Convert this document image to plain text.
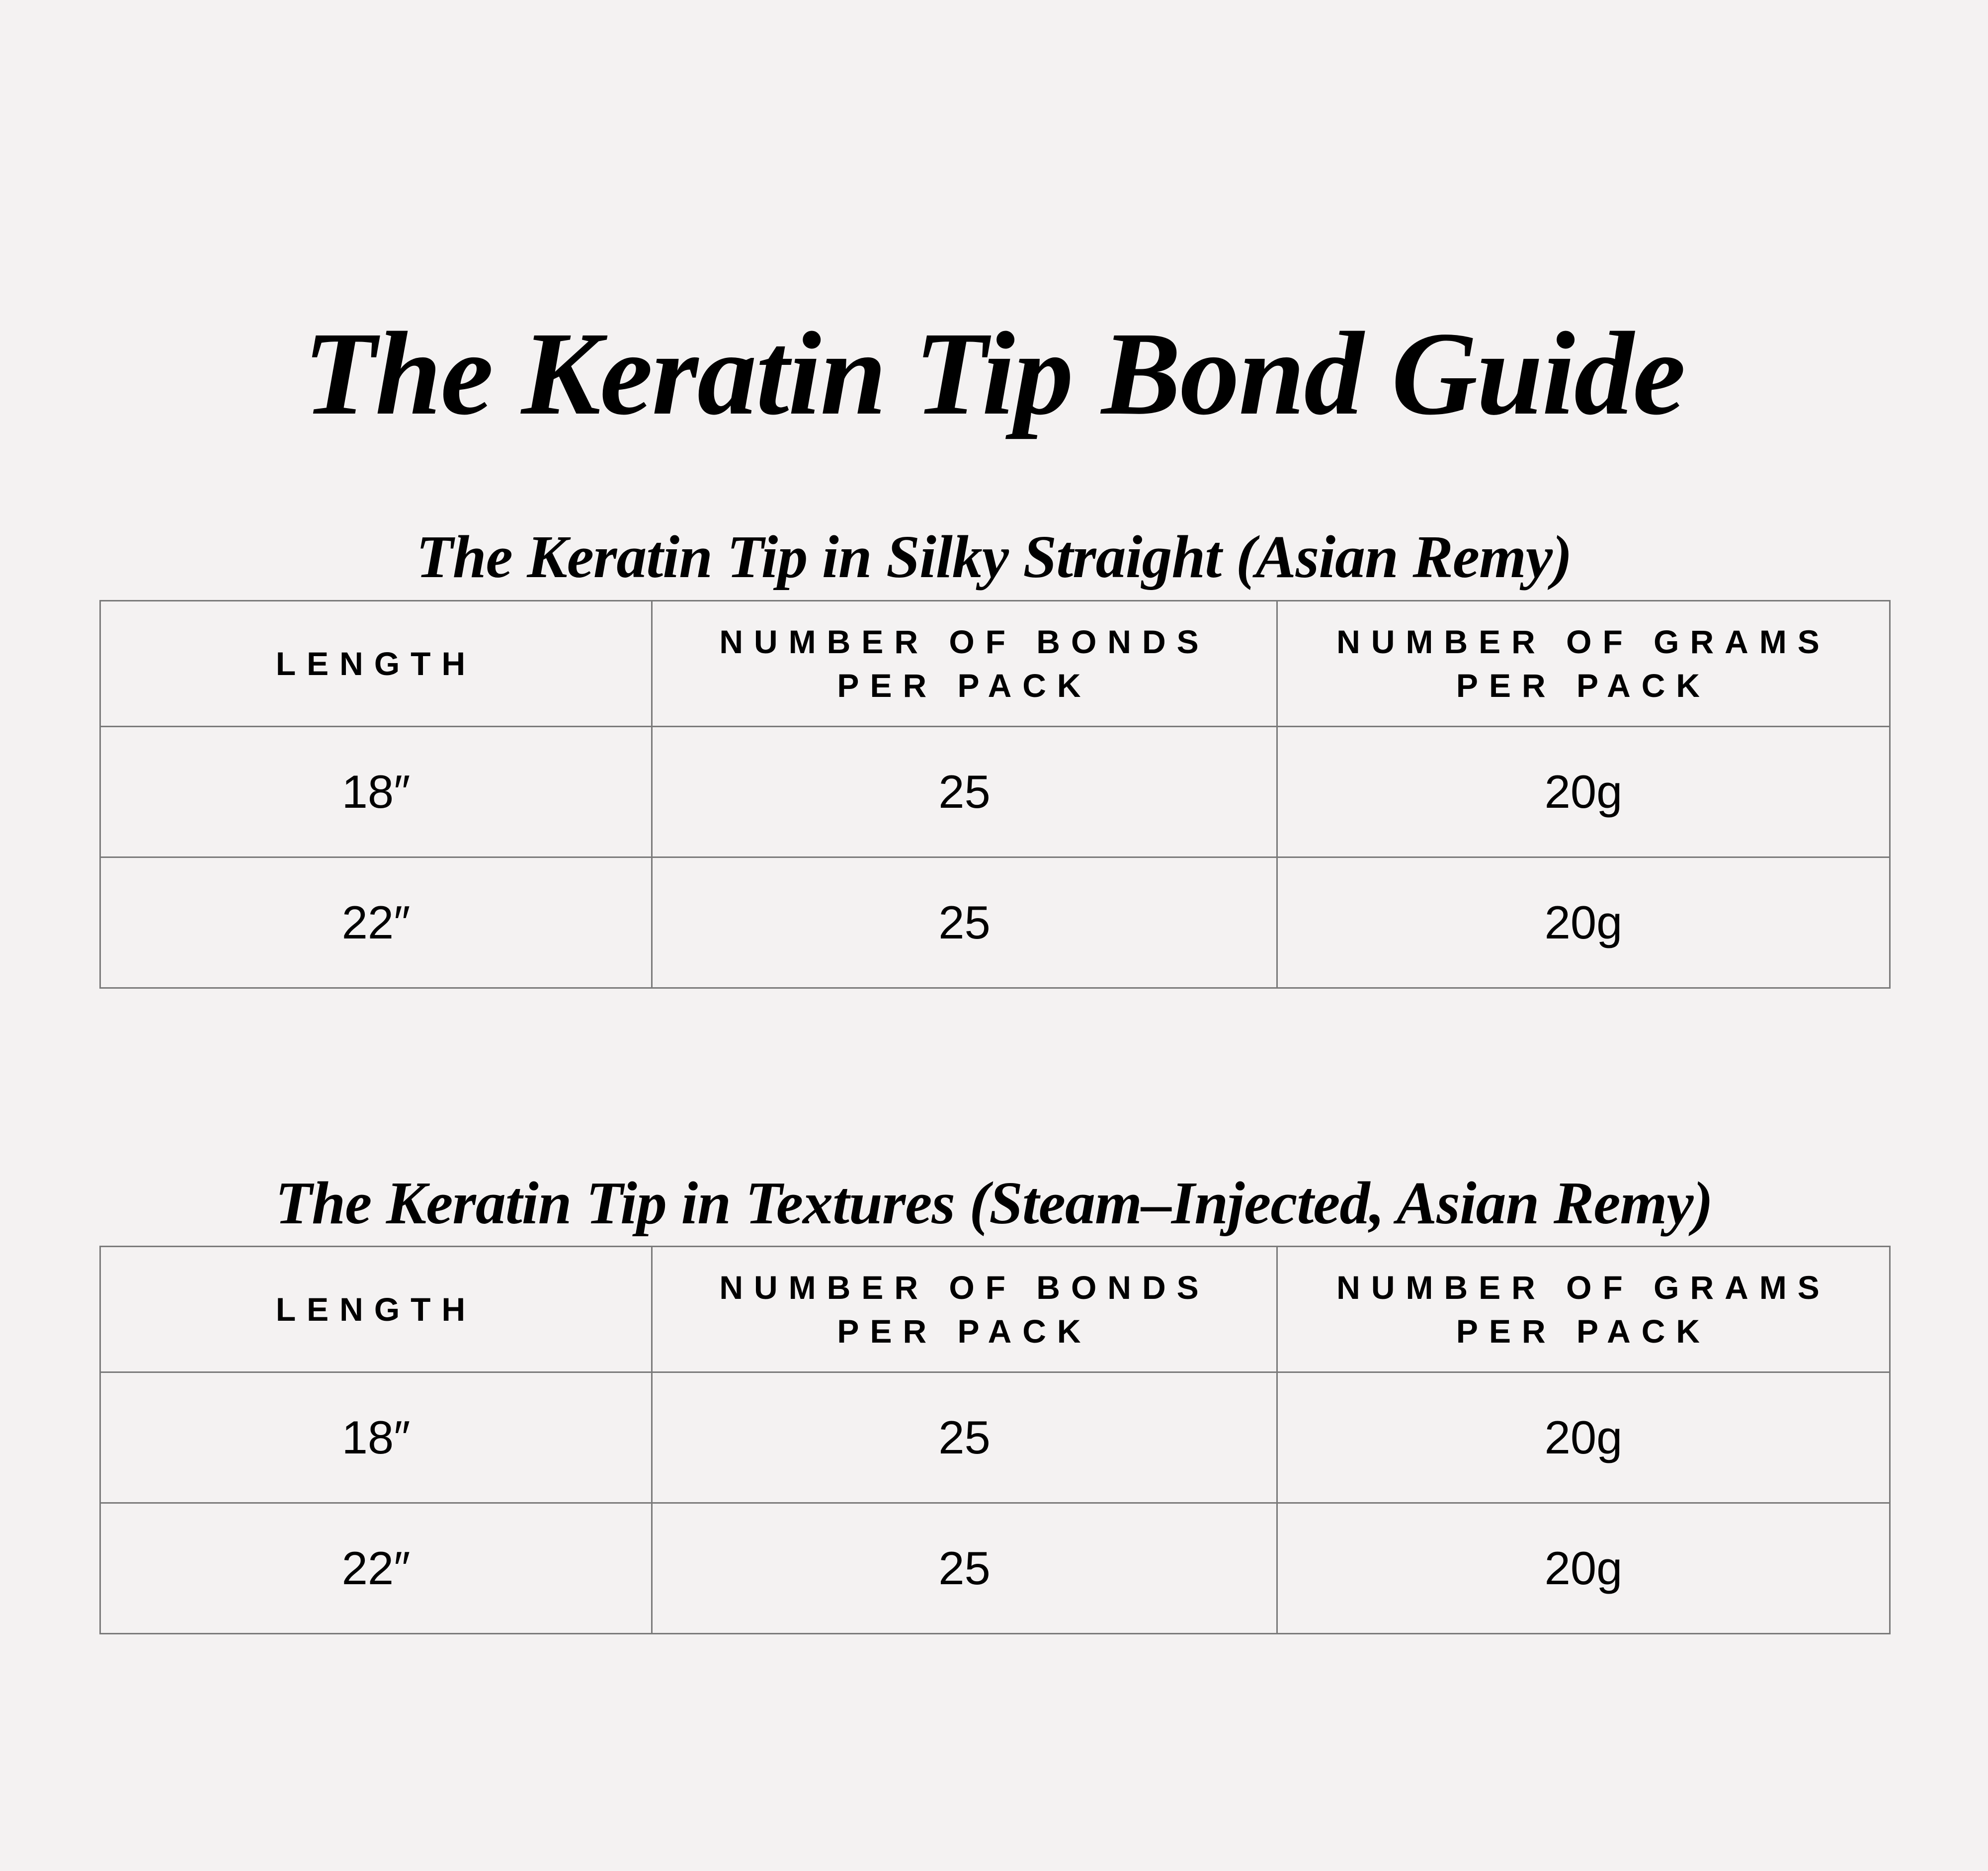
The Keratin Tip Bond Guide
The Keratin Tip in Silky Straight (Asian Remy)
LENGTH	NUMBER OF BONDS PER PACK	NUMBER OF GRAMS PER PACK
18″	25	20g
22″	25	20g
The Keratin Tip in Textures (Steam–Injected, Asian Remy)
LENGTH	NUMBER OF BONDS PER PACK	NUMBER OF GRAMS PER PACK
18″	25	20g
22″	25	20g
